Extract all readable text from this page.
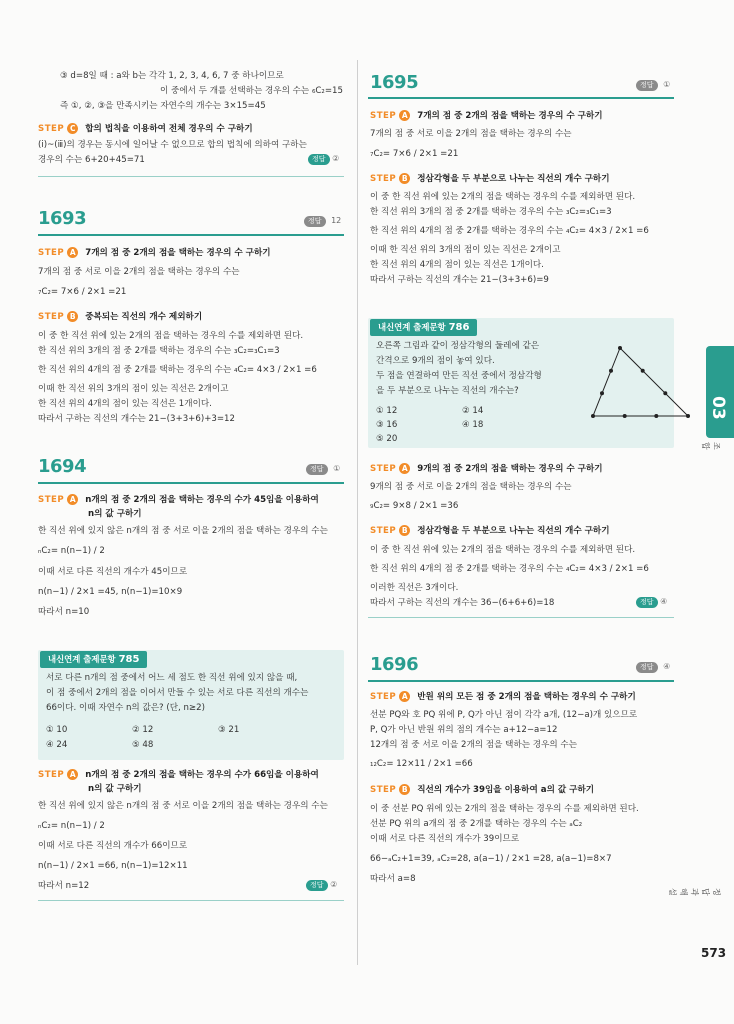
③ d=8일 때 : a와 b는 각각 1, 2, 3, 4, 6, 7 중 하나이므로

이 중에서 두 개를 선택하는 경우의 수는 ₆C₂=15

즉 ①, ②, ③을 만족시키는 자연수의 개수는 3×15=45

STEP C 합의 법칙을 이용하여 전체 경우의 수 구하기

(ⅰ)~(ⅲ)의 경우는 동시에 일어날 수 없으므로 합의 법칙에 의하여 구하는

경우의 수는 6+20+45=71	정답 ②
1693	정답 12
STEP A 7개의 점 중 2개의 점을 택하는 경우의 수 구하기

7개의 점 중 서로 이을 2개의 점을 택하는 경우의 수는

₇C₂= 7×6 / 2×1 =21

STEP B 중복되는 직선의 개수 제외하기

이 중 한 직선 위에 있는 2개의 점을 택하는 경우의 수를 제외하면 된다.

한 직선 위의 3개의 점 중 2개를 택하는 경우의 수는 ₃C₂=₃C₁=3

한 직선 위의 4개의 점 중 2개를 택하는 경우의 수는 ₄C₂= 4×3 / 2×1 =6

이때 한 직선 위의 3개의 점이 있는 직선은 2개이고

한 직선 위의 4개의 점이 있는 직선은 1개이다.

따라서 구하는 직선의 개수는 21−(3+3+6)+3=12

1694	정답 ①
STEP A n개의 점 중 2개의 점을 택하는 경우의 수가 45임을 이용하여
n의 값 구하기

한 직선 위에 있지 않은 n개의 점 중 서로 이을 2개의 점을 택하는 경우의 수는

ₙC₂= n(n−1) / 2

이때 서로 다른 직선의 개수가 45이므로

n(n−1) / 2×1 =45, n(n−1)=10×9

따라서 n=10

내신연계 출제문항 785

서로 다른 n개의 점 중에서 어느 세 점도 한 직선 위에 있지 않을 때,

이 점 중에서 2개의 점을 이어서 만들 수 있는 서로 다른 직선의 개수는

66이다. 이때 자연수 n의 값은? (단, n≥2)

① 10	② 12	③ 21

④ 24	⑤ 48

STEP A n개의 점 중 2개의 점을 택하는 경우의 수가 66임을 이용하여
n의 값 구하기

한 직선 위에 있지 않은 n개의 점 중 서로 이을 2개의 점을 택하는 경우의 수는

ₙC₂= n(n−1) / 2

이때 서로 다른 직선의 개수가 66이므로

n(n−1) / 2×1 =66, n(n−1)=12×11

따라서 n=12	정답 ②
1695	정답 ①
STEP A 7개의 점 중 2개의 점을 택하는 경우의 수 구하기

7개의 점 중 서로 이을 2개의 점을 택하는 경우의 수는

₇C₂= 7×6 / 2×1 =21

STEP B 정삼각형을 두 부분으로 나누는 직선의 개수 구하기

이 중 한 직선 위에 있는 2개의 점을 택하는 경우의 수를 제외하면 된다.

한 직선 위의 3개의 점 중 2개를 택하는 경우의 수는 ₃C₂=₃C₁=3

한 직선 위의 4개의 점 중 2개를 택하는 경우의 수는 ₄C₂= 4×3 / 2×1 =6

이때 한 직선 위의 3개의 점이 있는 직선은 2개이고

한 직선 위의 4개의 점이 있는 직선은 1개이다.

따라서 구하는 직선의 개수는 21−(3+3+6)=9

내신연계 출제문항 786

오른쪽 그림과 같이 정삼각형의 둘레에 같은

간격으로 9개의 점이 놓여 있다.

두 점을 연결하여 만든 직선 중에서 정삼각형

을 두 부분으로 나누는 직선의 개수는?

① 12	② 14

③ 16	④ 18

⑤ 20

STEP A 9개의 점 중 2개의 점을 택하는 경우의 수 구하기

9개의 점 중 서로 이을 2개의 점을 택하는 경우의 수는

₉C₂= 9×8 / 2×1 =36

STEP B 정삼각형을 두 부분으로 나누는 직선의 개수 구하기

이 중 한 직선 위에 있는 2개의 점을 택하는 경우의 수를 제외하면 된다.

한 직선 위의 4개의 점 중 2개를 택하는 경우의 수는 ₄C₂= 4×3 / 2×1 =6

이러한 직선은 3개이다.

따라서 구하는 직선의 개수는 36−(6+6+6)=18	정답 ④
1696	정답 ④
STEP A 반원 위의 모든 점 중 2개의 점을 택하는 경우의 수 구하기

선분 PQ와 호 PQ 위에 P, Q가 아닌 점이 각각 a개, (12−a)개 있으므로

P, Q가 아닌 반원 위의 점의 개수는 a+12−a=12

12개의 점 중 서로 이을 2개의 점을 택하는 경우의 수는

₁₂C₂= 12×11 / 2×1 =66

STEP B 직선의 개수가 39임을 이용하여 a의 값 구하기

이 중 선분 PQ 위에 있는 2개의 점을 택하는 경우의 수를 제외하면 된다.

선분 PQ 위의 a개의 점 중 2개를 택하는 경우의 수는 ₐC₂

이때 서로 다른 직선의 개수가 39이므로

66−ₐC₂+1=39, ₐC₂=28, a(a−1) / 2×1 =28, a(a−1)=8×7

따라서 a=8

03
조합
정답과 해설
573
